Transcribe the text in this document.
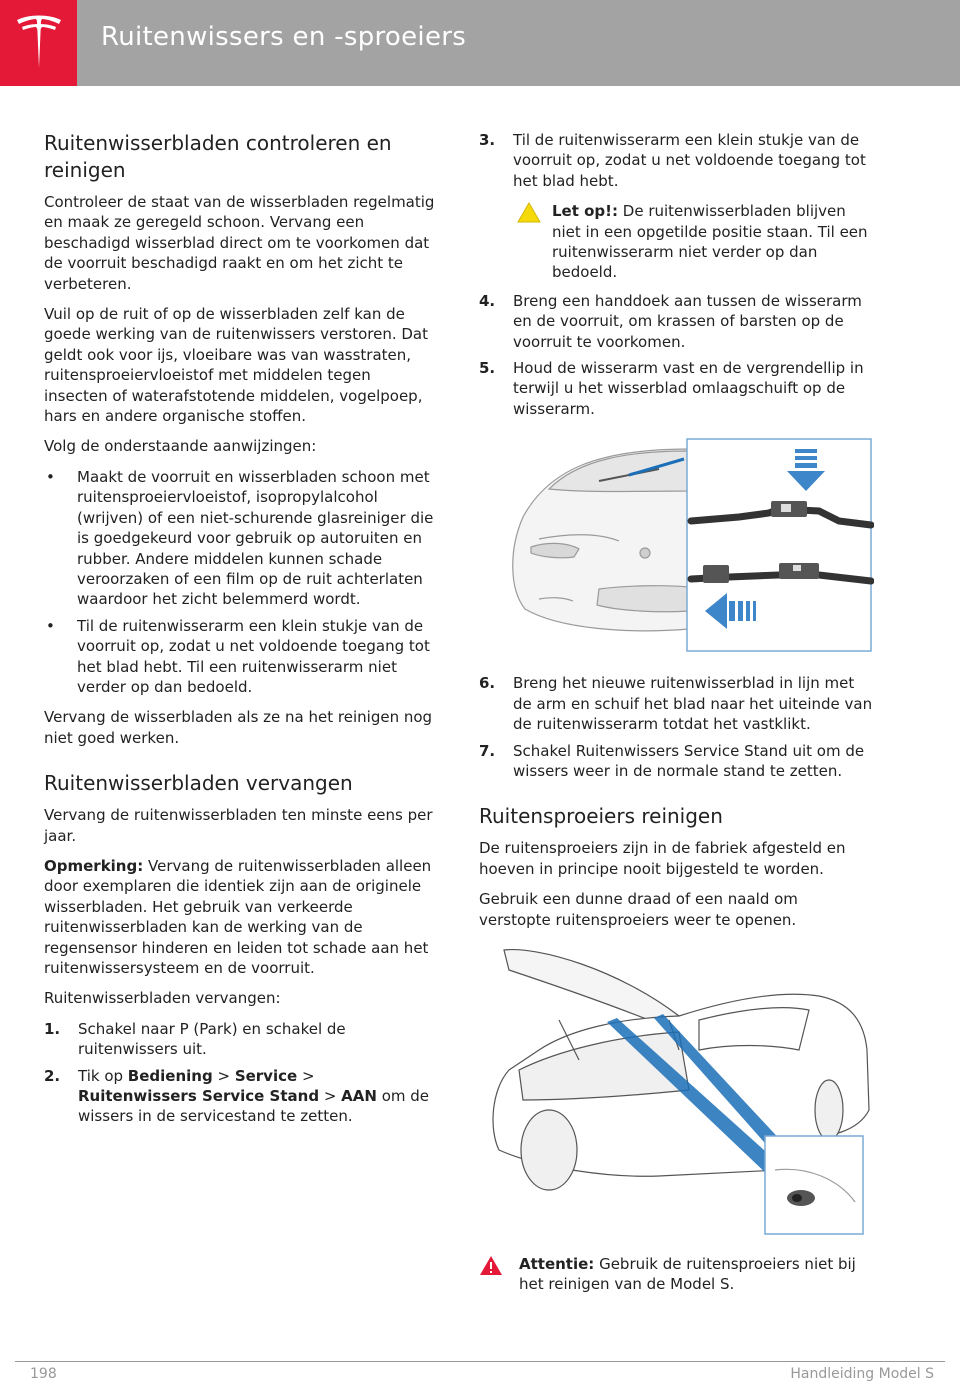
Ruitenwissers en -sproeiers
Ruitenwisserbladen controleren en reinigen

Controleer de staat van de wisserbladen regelmatig en maak ze geregeld schoon. Vervang een beschadigd wisserblad direct om te voorkomen dat de voorruit beschadigd raakt en om het zicht te verbeteren.

Vuil op de ruit of op de wisserbladen zelf kan de goede werking van de ruitenwissers verstoren. Dat geldt ook voor ijs, vloeibare was van wasstraten, ruitensproeiervloeistof met middelen tegen insecten of waterafstotende middelen, vogelpoep, hars en andere organische stoffen.

Volg de onderstaande aanwijzingen:

• Maakt de voorruit en wisserbladen schoon met ruitensproeiervloeistof, isopropylalcohol (wrijven) of een niet-schurende glasreiniger die is goedgekeurd voor gebruik op autoruiten en rubber. Andere middelen kunnen schade veroorzaken of een film op de ruit achterlaten waardoor het zicht belemmerd wordt.
• Til de ruitenwisserarm een klein stukje van de voorruit op, zodat u net voldoende toegang tot het blad hebt. Til een ruitenwisserarm niet verder op dan bedoeld.

Vervang de wisserbladen als ze na het reinigen nog niet goed werken.

Ruitenwisserbladen vervangen

Vervang de ruitenwisserbladen ten minste eens per jaar.

Opmerking: Vervang de ruitenwisserbladen alleen door exemplaren die identiek zijn aan de originele wisserbladen. Het gebruik van verkeerde ruitenwisserbladen kan de werking van de regensensor hinderen en leiden tot schade aan het ruitenwissersysteem en de voorruit.

Ruitenwisserbladen vervangen:

1. Schakel naar P (Park) en schakel de ruitenwissers uit.
2. Tik op Bediening > Service > Ruitenwissers Service Stand > AAN om de wissers in de servicestand te zetten.
3. Til de ruitenwisserarm een klein stukje van de voorruit op, zodat u net voldoende toegang tot het blad hebt.
Let op!: De ruitenwisserbladen blijven niet in een opgetilde positie staan. Til een ruitenwisserarm niet verder op dan bedoeld.
4. Breng een handdoek aan tussen de wisserarm en de voorruit, om krassen of barsten op de voorruit te voorkomen.
5. Houd de wisserarm vast en de vergrendellip in terwijl u het wisserblad omlaagschuift op de wisserarm.
6. Breng het nieuwe ruitenwisserblad in lijn met de arm en schuif het blad naar het uiteinde van de ruitenwisserarm totdat het vastklikt.
7. Schakel Ruitenwissers Service Stand uit om de wissers weer in de normale stand te zetten.
Ruitensproeiers reinigen

De ruitensproeiers zijn in de fabriek afgesteld en hoeven in principe nooit bijgesteld te worden.

Gebruik een dunne draad of een naald om verstopte ruitensproeiers weer te openen.

Attentie: Gebruik de ruitensproeiers niet bij het reinigen van de Model S.
198	Handleiding Model S
